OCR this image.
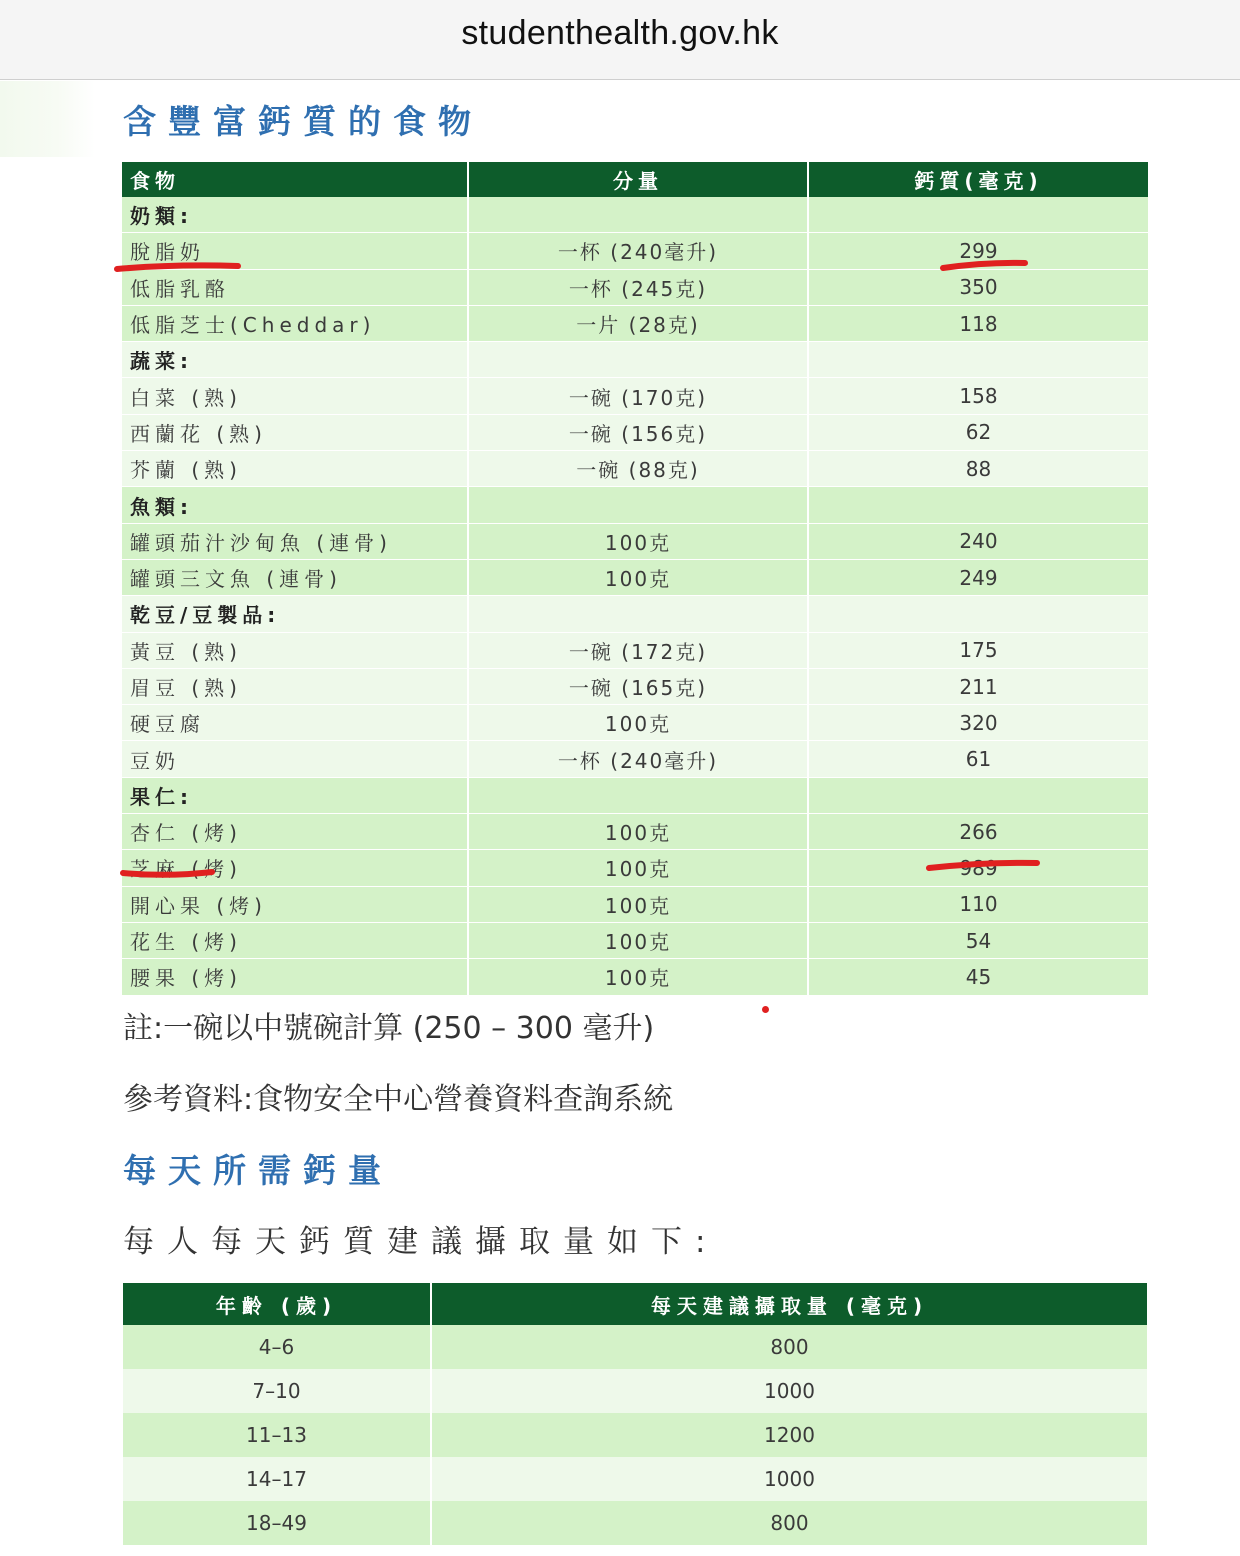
studenthealth.gov.hk
含豐富鈣質的食物
食物	分量	鈣質(毫克)
奶類:		
脫脂奶	一杯 (240毫升)	299
低脂乳酪	一杯 (245克)	350
低脂芝士(Cheddar)	一片 (28克)	118
蔬菜:		
白菜 (熟)	一碗 (170克)	158
西蘭花 (熟)	一碗 (156克)	62
芥蘭 (熟)	一碗 (88克)	88
魚類:		
罐頭茄汁沙甸魚 (連骨)	100克	240
罐頭三文魚 (連骨)	100克	249
乾豆/豆製品:		
黃豆 (熟)	一碗 (172克)	175
眉豆 (熟)	一碗 (165克)	211
硬豆腐	100克	320
豆奶	一杯 (240毫升)	61
果仁:		
杏仁 (烤)	100克	266
芝麻 (烤)	100克	989
開心果 (烤)	100克	110
花生 (烤)	100克	54
腰果 (烤)	100克	45
註:一碗以中號碗計算 (250 – 300 毫升)
參考資料:食物安全中心營養資料查詢系統
每天所需鈣量
每人每天鈣質建議攝取量如下:
年齡 (歲)	每天建議攝取量 (毫克)
4–6	800
7–10	1000
11–13	1200
14–17	1000
18–49	800
